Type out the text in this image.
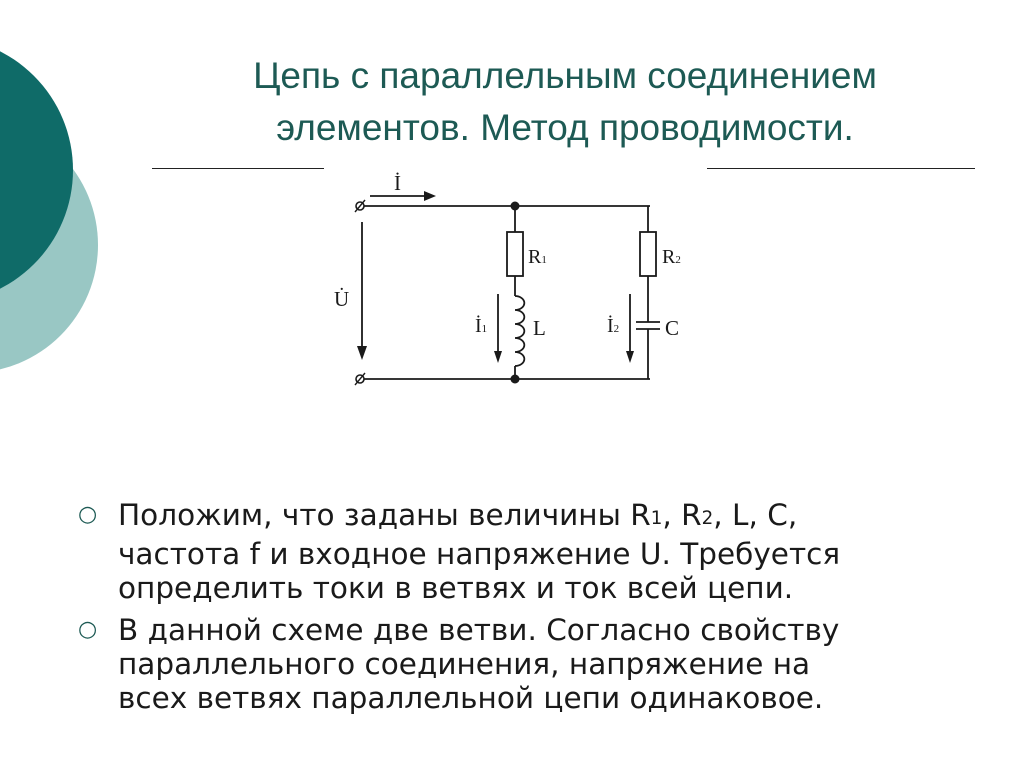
Цепь с параллельным соединением
элементов. Метод проводимости.
İ
U̇
R1	R2
L	C
İ1	İ2
○ Положим, что заданы величины R1, R2, L, C,
частота f и входное напряжение U. Требуется
определить токи в ветвях и ток всей цепи.
○ В данной схеме две ветви. Согласно свойству
параллельного соединения, напряжение на
всех ветвях параллельной цепи одинаковое.
